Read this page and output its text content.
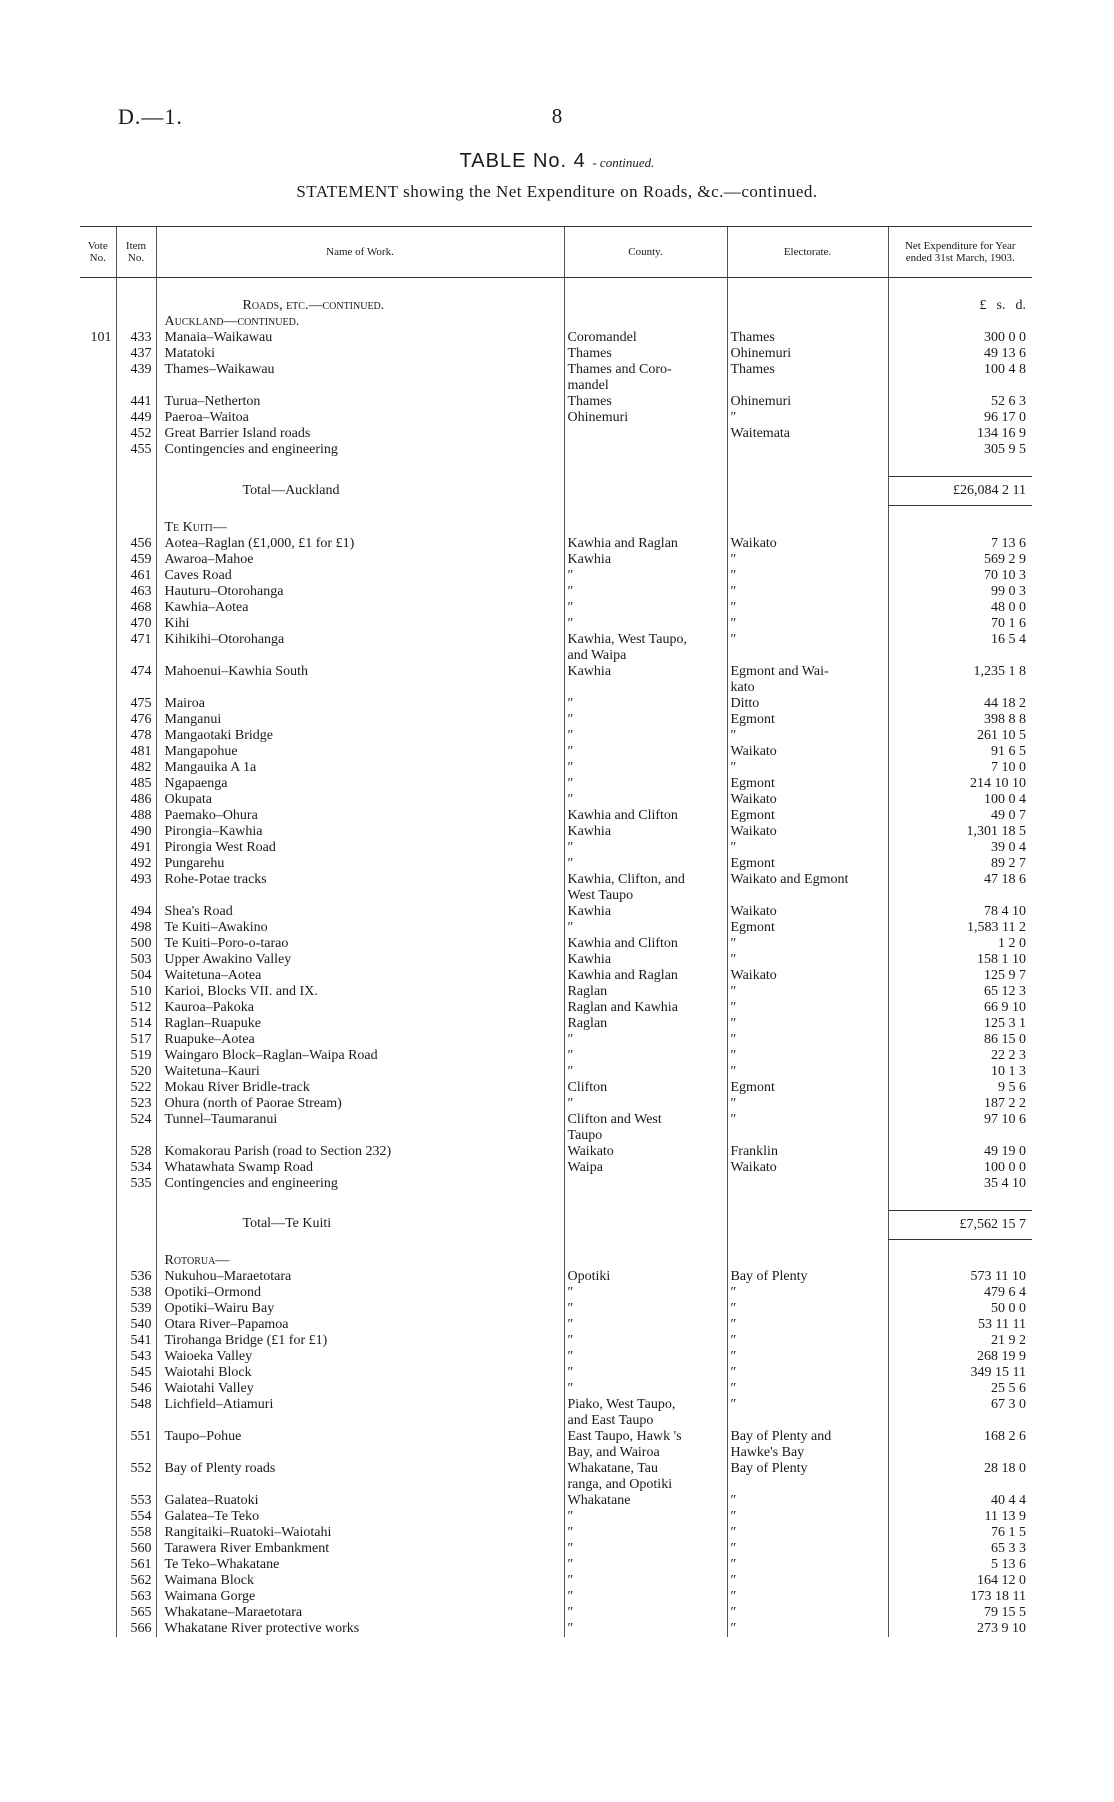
D.—1.	8
TABLE No. 4 - continued.
STATEMENT showing the Net Expenditure on Roads, &c.—continued.
Vote No.	Item No.	Name of Work.	County.	Electorate.	Net Expenditure for Year ended 31st March, 1903.

		Roads, etc.—continued.			£ s. d.
		Auckland—continued.			
101	433	Manaia–Waikawau	Coromandel	Thames	300 0 0
	437	Matatoki	Thames	Ohinemuri	49 13 6
	439	Thames–Waikawau	Thames and Coro-	Thames	100 4 8
			mandel		
	441	Turua–Netherton	Thames	Ohinemuri	52 6 3
	449	Paeroa–Waitoa	Ohinemuri	″	96 17 0
	452	Great Barrier Island roads		Waitemata	134 16 9
	455	Contingencies and engineering			305 9 5

		Total—Auckland			£26,084 2 11
		Te Kuiti—			
	456	Aotea–Raglan (£1,000, £1 for £1)	Kawhia and Raglan	Waikato	7 13 6
	459	Awaroa–Mahoe	Kawhia	″	569 2 9
	461	Caves Road	″	″	70 10 3
	463	Hauturu–Otorohanga	″	″	99 0 3
	468	Kawhia–Aotea	″	″	48 0 0
	470	Kihi	″	″	70 1 6
	471	Kihikihi–Otorohanga	Kawhia, West Taupo,	″	16 5 4
			and Waipa		
	474	Mahoenui–Kawhia South	Kawhia	Egmont and Wai-	1,235 1 8
				kato	
	475	Mairoa	″	Ditto	44 18 2
	476	Manganui	″	Egmont	398 8 8
	478	Mangaotaki Bridge	″	″	261 10 5
	481	Mangapohue	″	Waikato	91 6 5
	482	Mangauika A 1a	″	″	7 10 0
	485	Ngapaenga	″	Egmont	214 10 10
	486	Okupata	″	Waikato	100 0 4
	488	Paemako–Ohura	Kawhia and Clifton	Egmont	49 0 7
	490	Pirongia–Kawhia	Kawhia	Waikato	1,301 18 5
	491	Pirongia West Road	″	″	39 0 4
	492	Pungarehu	″	Egmont	89 2 7
	493	Rohe-Potae tracks	Kawhia, Clifton, and	Waikato and Egmont	47 18 6
			West Taupo		
	494	Shea's Road	Kawhia	Waikato	78 4 10
	498	Te Kuiti–Awakino	″	Egmont	1,583 11 2
	500	Te Kuiti–Poro-o-tarao	Kawhia and Clifton	″	1 2 0
	503	Upper Awakino Valley	Kawhia	″	158 1 10
	504	Waitetuna–Aotea	Kawhia and Raglan	Waikato	125 9 7
	510	Karioi, Blocks VII. and IX.	Raglan	″	65 12 3
	512	Kauroa–Pakoka	Raglan and Kawhia	″	66 9 10
	514	Raglan–Ruapuke	Raglan	″	125 3 1
	517	Ruapuke–Aotea	″	″	86 15 0
	519	Waingaro Block–Raglan–Waipa Road	″	″	22 2 3
	520	Waitetuna–Kauri	″	″	10 1 3
	522	Mokau River Bridle-track	Clifton	Egmont	9 5 6
	523	Ohura (north of Paorae Stream)	″	″	187 2 2
	524	Tunnel–Taumaranui	Clifton and West	″	97 10 6
			Taupo		
	528	Komakorau Parish (road to Section 232)	Waikato	Franklin	49 19 0
	534	Whatawhata Swamp Road	Waipa	Waikato	100 0 0
	535	Contingencies and engineering			35 4 10

		Total—Te Kuiti			£7,562 15 7
		Rotorua—			
	536	Nukuhou–Maraetotara	Opotiki	Bay of Plenty	573 11 10
	538	Opotiki–Ormond	″	″	479 6 4
	539	Opotiki–Wairu Bay	″	″	50 0 0
	540	Otara River–Papamoa	″	″	53 11 11
	541	Tirohanga Bridge (£1 for £1)	″	″	21 9 2
	543	Waioeka Valley	″	″	268 19 9
	545	Waiotahi Block	″	″	349 15 11
	546	Waiotahi Valley	″	″	25 5 6
	548	Lichfield–Atiamuri	Piako, West Taupo,	″	67 3 0
			and East Taupo		
	551	Taupo–Pohue	East Taupo, Hawk 's	Bay of Plenty and	168 2 6
			Bay, and Wairoa	Hawke's Bay	
	552	Bay of Plenty roads	Whakatane, Tau	Bay of Plenty	28 18 0
			ranga, and Opotiki		
	553	Galatea–Ruatoki	Whakatane	″	40 4 4
	554	Galatea–Te Teko	″	″	11 13 9
	558	Rangitaiki–Ruatoki–Waiotahi	″	″	76 1 5
	560	Tarawera River Embankment	″	″	65 3 3
	561	Te Teko–Whakatane	″	″	5 13 6
	562	Waimana Block	″	″	164 12 0
	563	Waimana Gorge	″	″	173 18 11
	565	Whakatane–Maraetotara	″	″	79 15 5
	566	Whakatane River protective works	″	″	273 9 10
